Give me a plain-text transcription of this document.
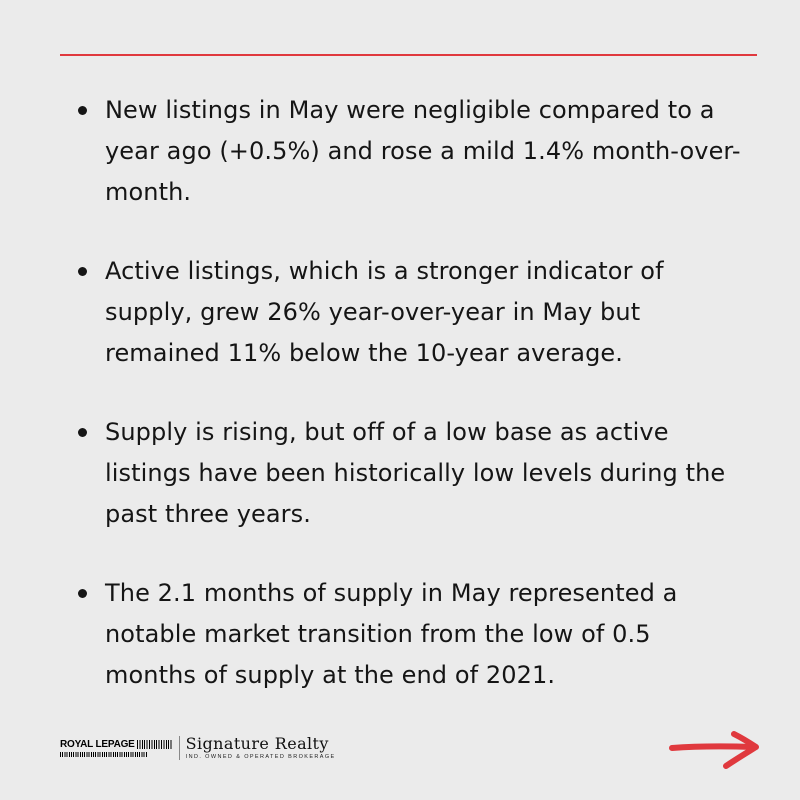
New listings in May were negligible compared to a year ago (+0.5%) and rose a mild 1.4% month-over-month.
Active listings, which is a stronger indicator of supply, grew 26% year-over-year in May but remained 11% below the 10-year average.
Supply is rising, but off of a low base as active listings have been historically low levels during the past three years.
The 2.1 months of supply in May represented a notable market transition from the low of 0.5 months of supply at the end of 2021.
ROYAL LEPAGE	Signature Realty
IND. OWNED & OPERATED BROKERAGE
